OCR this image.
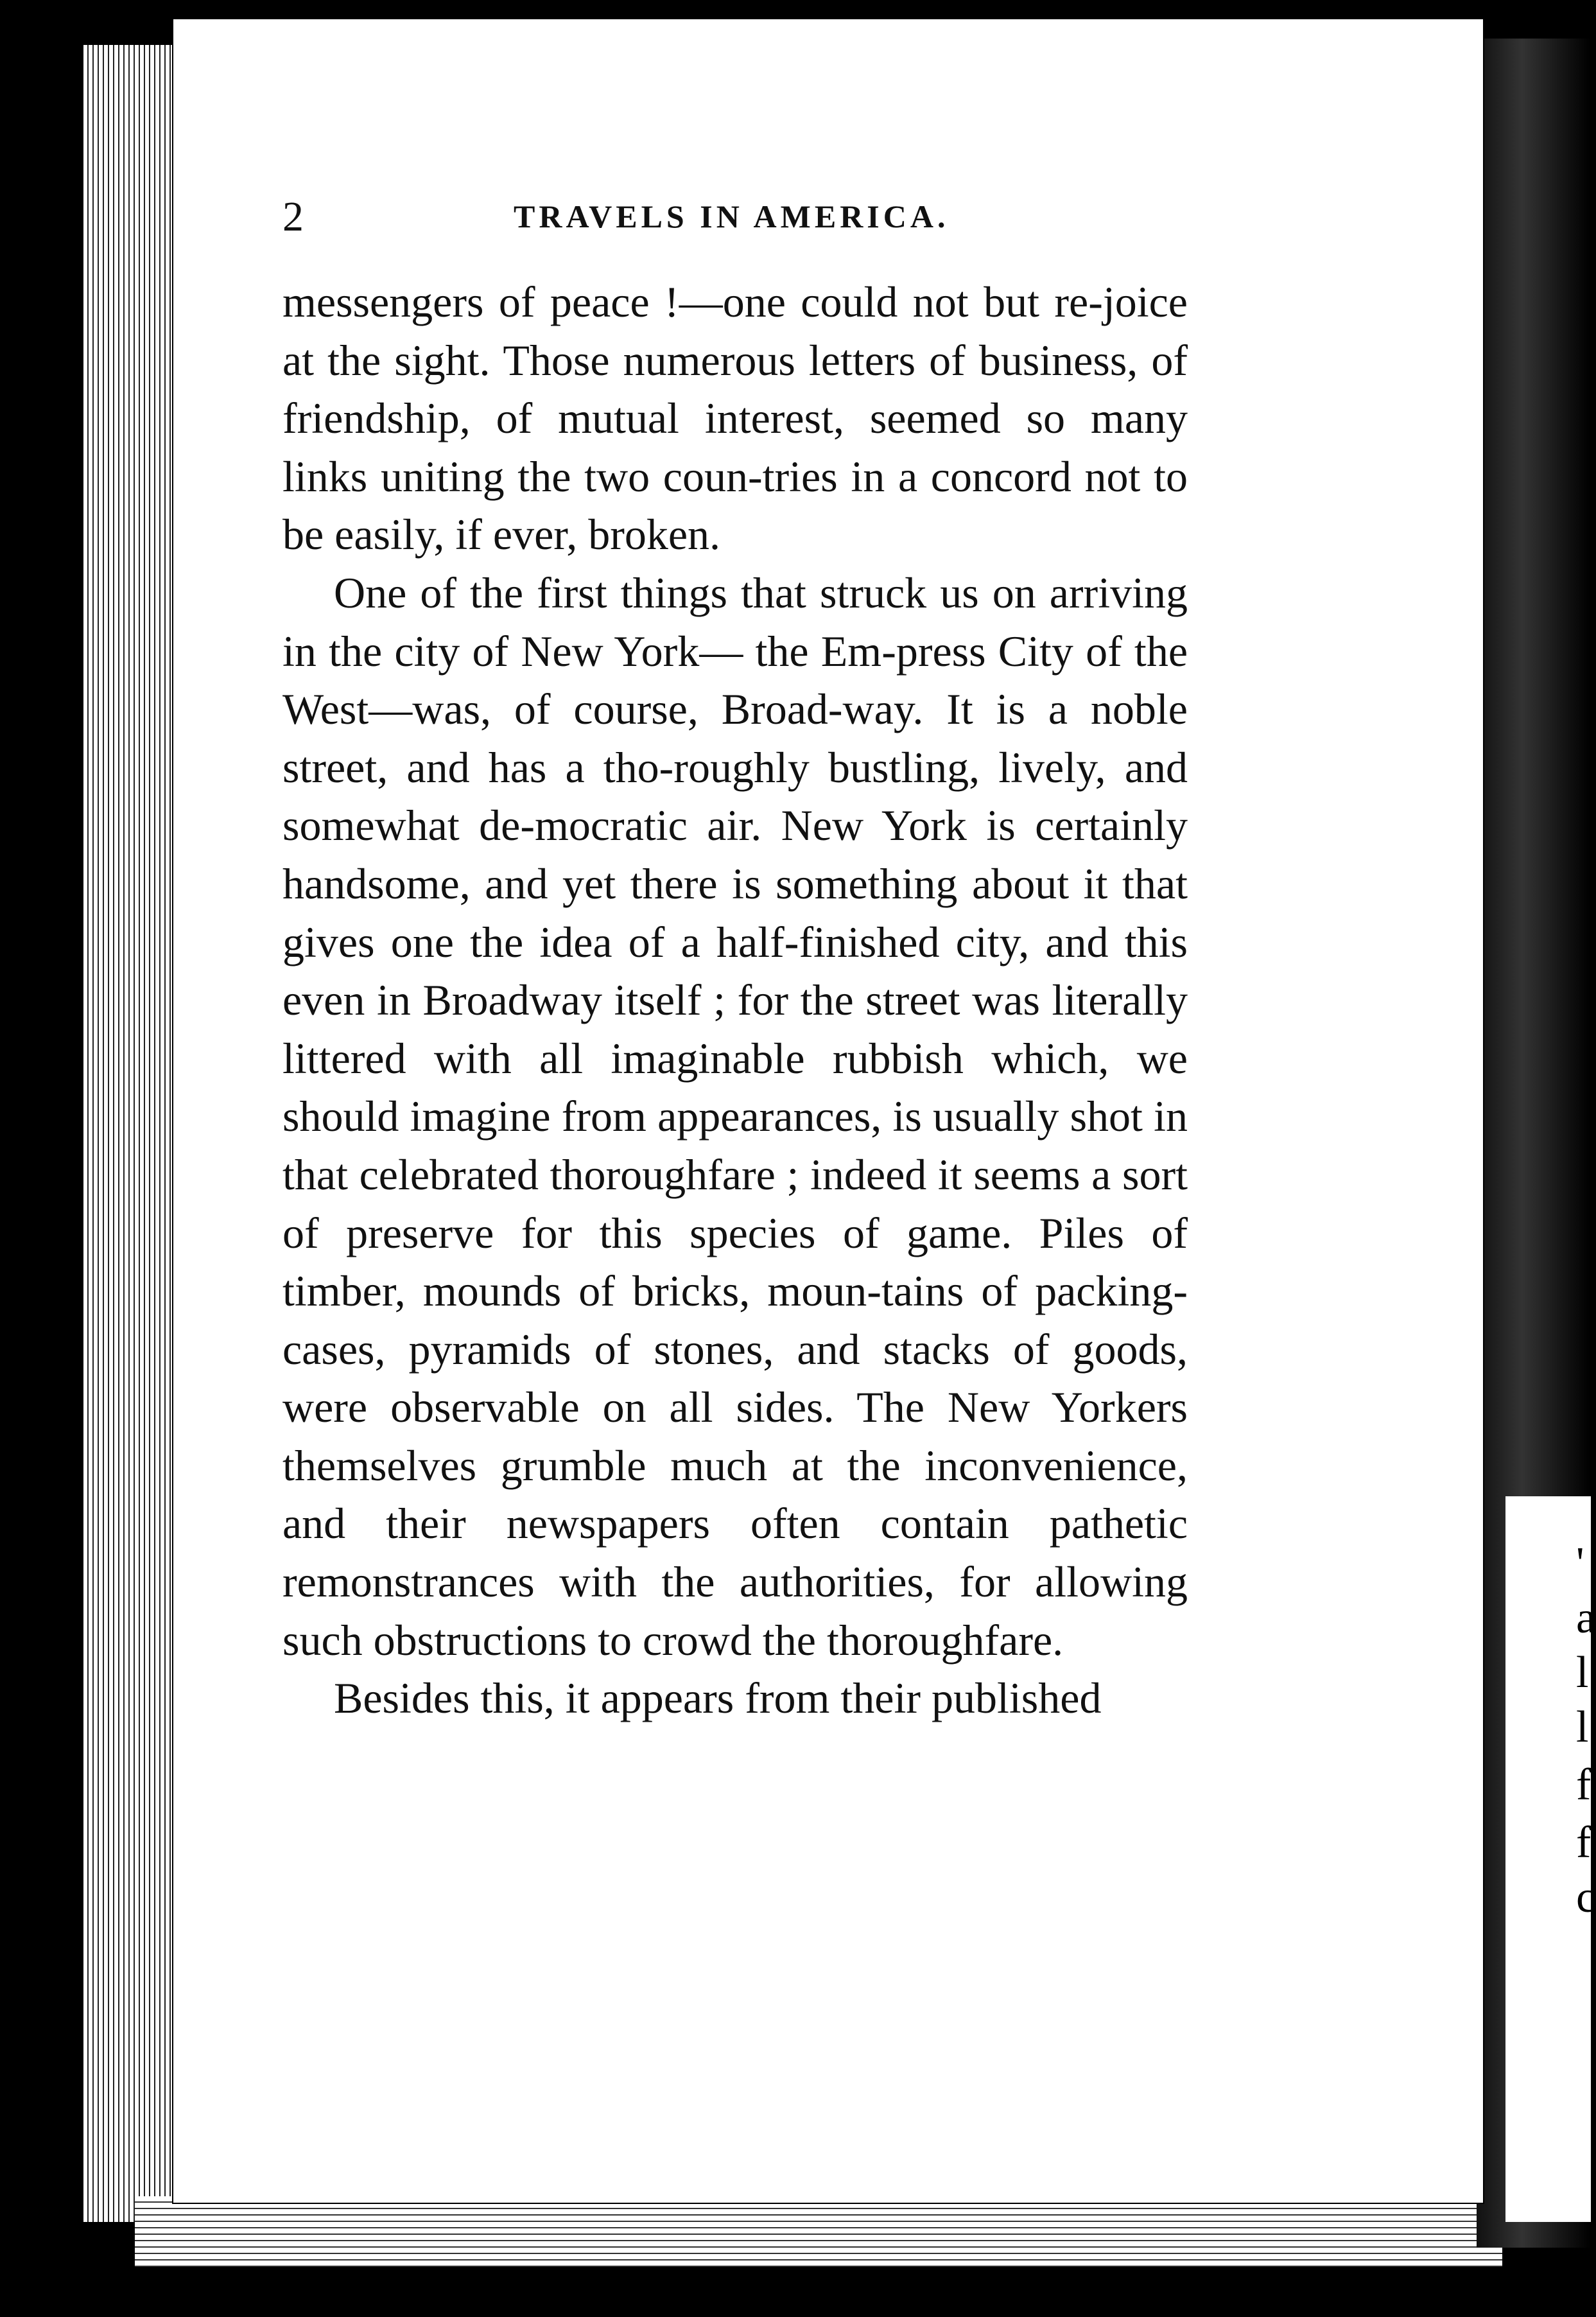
'
a
l
l
f
f
c
2	TRAVELS IN AMERICA.

messengers of peace !—one could not but re-joice at the sight. Those numerous letters of business, of friendship, of mutual interest, seemed so many links uniting the two coun-tries in a concord not to be easily, if ever, broken.

One of the first things that struck us on arriving in the city of New York— the Em-press City of the West—was, of course, Broad-way. It is a noble street, and has a tho-roughly bustling, lively, and somewhat de-mocratic air. New York is certainly handsome, and yet there is something about it that gives one the idea of a half-finished city, and this even in Broadway itself ; for the street was literally littered with all imaginable rubbish which, we should imagine from appearances, is usually shot in that celebrated thoroughfare ; indeed it seems a sort of preserve for this species of game. Piles of timber, mounds of bricks, moun-tains of packing-cases, pyramids of stones, and stacks of goods, were observable on all sides. The New Yorkers themselves grumble much at the inconvenience, and their newspapers often contain pathetic remonstrances with the authorities, for allowing such obstructions to crowd the thoroughfare.

Besides this, it appears from their published
